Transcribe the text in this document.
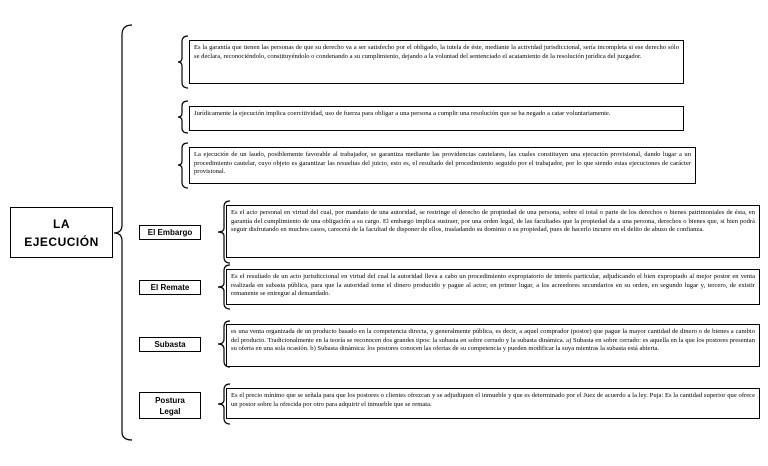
LA
EJECUCIÓN
Es la garantía que tienen las personas de que su derecho va a ser satisfecho por el obligado, la tutela de éste, mediante la actividad jurisdiccional, sería incompleta si ese derecho sólo se declara, reconociéndolo, constituyéndolo o condenando a su cumplimiento, dejando a la voluntad del sentenciado el acatamiento de la resolución jurídica del juzgador.
Jurídicamente la ejecución implica coercitividad, uso de fuerza para obligar a una persona a cumplir una resolución que se ha negado a catar voluntariamente.
La ejecución de un laudo, posiblemente favorable al trabajador, se garantiza mediante las providencias cautelares, las cuales constituyen una ejecución provisional, dando lugar a un procedimiento cautelar, cuyo objeto es garantizar las resueltas del juicio, esto es, el resultado del procedimiento seguido por el trabajador, por lo que siendo estas ejecuciones de carácter provisional.
El Embargo
Es el acto personal en virtud del cual, por mandato de una autoridad, se restringe el derecho de propiedad de una persona, sobre el total o parte de los derechos o bienes patrimoniales de ésta, en garantía del cumplimiento de una obligación a su cargo. El embargo implica sustraer, por una orden legal, de las facultades que la propiedad da a una persona, derechos o bienes que, si bien podrá seguir disfrutando en muchos casos, carecerá de la facultad de disponer de ellos, trasladando su dominio o su propiedad, pues de hacerlo incurre en el delito de abuso de confianza.
El Remate
Es el resultado de un acto jurisdiccional en virtud del cual la autoridad lleva a cabo un procedimiento expropiatorio de interés particular, adjudicando el bien expropiado al mejor postor en venta realizada en subasta pública, para que la autoridad tome el dinero producido y pague al actor, en primer lugar, a los acreedores secundarios en su orden, en segundo lugar y, tercero, de existir remanente se entregue al demandado.
Subasta
es una venta organizada de un producto basado en la competencia directa, y generalmente pública, es decir, a aquel comprador (postor) que pague la mayor cantidad de dinero o de bienes a cambio del producto. Tradicionalmente en la teoría se reconocen dos grandes tipos: la subasta en sobre cerrado y la subasta dinámica. a) Subasta en sobre cerrado: es aquella en la que los postores presentan su oferta en una sola ocasión. b) Subasta dinámica: los postores conocen las ofertas de su competencia y pueden modificar la suya mientras la subasta está abierta.
Postura
Legal
Es el precio mínimo que se señala para que los postores o clientes ofrezcan y se adjudiquen el inmueble y que es determinado por el Juez de acuerdo a la ley. Puja: Es la cantidad superior que ofrece un postor sobre la ofrecida por otro para adquirir el inmueble que se remata.
